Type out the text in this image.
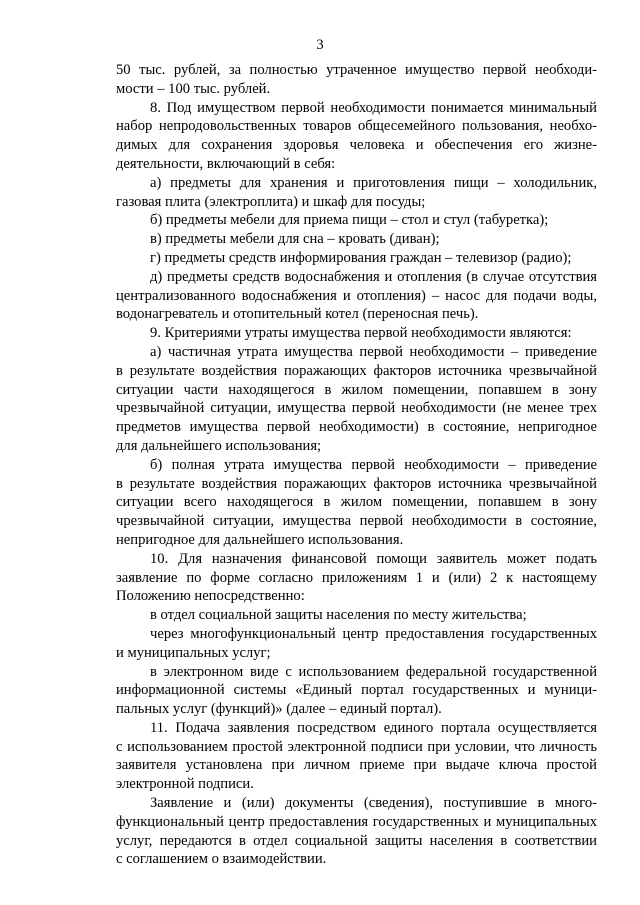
3
50 тыс. рублей, за полностью утраченное имущество первой необходи-
мости – 100 тыс. рублей.
8. Под имуществом первой необходимости понимается минимальный
набор непродовольственных товаров общесемейного пользования, необхо-
димых для сохранения здоровья человека и обеспечения его жизне-
деятельности, включающий в себя:
а) предметы для хранения и приготовления пищи – холодильник,
газовая плита (электроплита) и шкаф для посуды;
б) предметы мебели для приема пищи – стол и стул (табуретка);
в) предметы мебели для сна – кровать (диван);
г) предметы средств информирования граждан – телевизор (радио);
д) предметы средств водоснабжения и отопления (в случае отсутствия
централизованного водоснабжения и отопления) – насос для подачи воды,
водонагреватель и отопительный котел (переносная печь).
9. Критериями утраты имущества первой необходимости являются:
а) частичная утрата имущества первой необходимости – приведение
в результате воздействия поражающих факторов источника чрезвычайной
ситуации части находящегося в жилом помещении, попавшем в зону
чрезвычайной ситуации, имущества первой необходимости (не менее трех
предметов имущества первой необходимости) в состояние, непригодное
для дальнейшего использования;
б) полная утрата имущества первой необходимости – приведение
в результате воздействия поражающих факторов источника чрезвычайной
ситуации всего находящегося в жилом помещении, попавшем в зону
чрезвычайной ситуации, имущества первой необходимости в состояние,
непригодное для дальнейшего использования.
10. Для назначения финансовой помощи заявитель может подать
заявление по форме согласно приложениям 1 и (или) 2 к настоящему
Положению непосредственно:
в отдел социальной защиты населения по месту жительства;
через многофункциональный центр предоставления государственных
и муниципальных услуг;
в электронном виде с использованием федеральной государственной
информационной системы «Единый портал государственных и муници-
пальных услуг (функций)» (далее – единый портал).
11. Подача заявления посредством единого портала осуществляется
с использованием простой электронной подписи при условии, что личность
заявителя установлена при личном приеме при выдаче ключа простой
электронной подписи.
Заявление и (или) документы (сведения), поступившие в много-
функциональный центр предоставления государственных и муниципальных
услуг, передаются в отдел социальной защиты населения в соответствии
с соглашением о взаимодействии.
